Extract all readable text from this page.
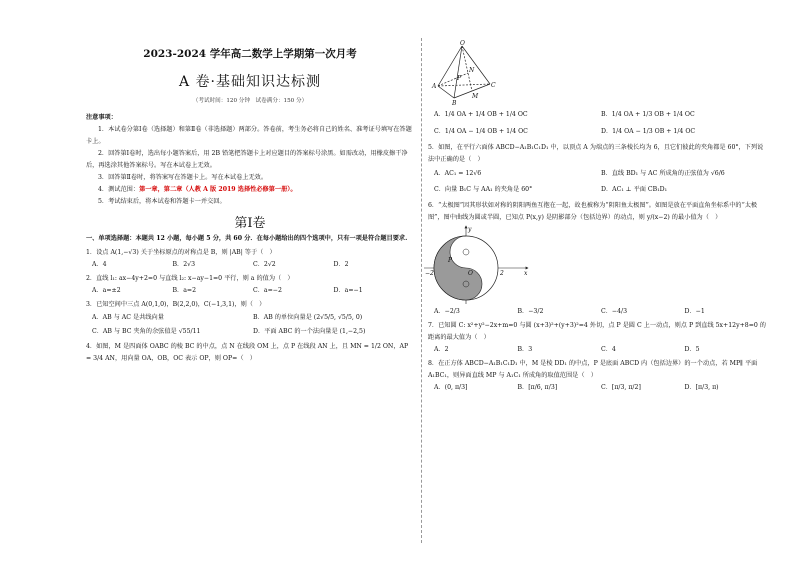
2023-2024 学年高二数学上学期第一次月考
A 卷·基础知识达标测
（考试时间：120 分钟　试卷满分：150 分）
注意事项：

1．本试卷分第Ⅰ卷（选择题）和第Ⅱ卷（非选择题）两部分。答卷前，考生务必将自己的姓名、准考证号填写在答题卡上。

2．回答第Ⅰ卷时，选出每小题答案后，用 2B 铅笔把答题卡上对应题目的答案标号涂黑。如需改动，用橡皮擦干净后，再选涂其他答案标号。写在本试卷上无效。

3．回答第Ⅱ卷时，将答案写在答题卡上。写在本试卷上无效。

4．测试范围：第一章，第二章（人教 A 版 2019 选择性必修第一册）。

5．考试结束后，将本试卷和答题卡一并交回。

第Ⅰ卷

一、单项选择题：本题共 12 小题，每小题 5 分，共 60 分．在每小题给出的四个选项中，只有一项是符合题目要求.

1．设点 A(1,−√3) 关于坐标原点的对称点是 B，则 |AB| 等于（　）
A．4	B．2√3	C．2√2	D．2
2．直线 l₁: ax−4y+2=0 与直线 l₂: x−ay−1=0 平行，则 a 的值为（　）
A．a=±2	B．a=2	C．a=−2	D．a=−1
3．已知空间中三点 A(0,1,0)，B(2,2,0)，C(−1,3,1)，则（　）
A．AB 与 AC 是共线向量	B．AB 的单位向量是 (2√5/5, √5/5, 0)
C．AB 与 BC 夹角的余弦值是 √55/11	D．平面 ABC 的一个法向量是 (1,−2,5)
4．如图，M 是四面体 OABC 的棱 BC 的中点，点 N 在线段 OM 上，点 P 在线段 AN 上，且 MN = 1/2 ON，AP = 3/4 AN，用向量 OA，OB，OC 表示 OP，则 OP=（　）
O
A
B
C
M
N
P
A．1/4 OA + 1/4 OB + 1/4 OC	B．1/4 OA + 1/3 OB + 1/4 OC
C．1/4 OA − 1/4 OB + 1/4 OC	D．1/4 OA − 1/3 OB + 1/4 OC
5．如图，在平行六面体 ABCD−A₁B₁C₁D₁ 中，以顶点 A 为端点的三条棱长均为 6，且它们彼此的夹角都是 60°，下列说法中正确的是（　）
A．AC₁ = 12√6	B．直线 BD₁ 与 AC 所成角的正弦值为 √6/6
C．向量 B₁C 与 AA₁ 的夹角是 60°	D．AC₁ ⊥ 平面 CB₁D₁
6．“太极图”因其形状如对称的阴阳两鱼互抱在一起，故也被称为“阴阳鱼太极图”。如图是放在平面直角坐标系中的“太极图”，图中曲线为圆或半圆，已知点 P(x,y) 是阴影部分（包括边界）的动点，则 y/(x−2) 的最小值为（　）
y
x
O
P
−2	2
A．−2/3	B．−3/2	C．−4/3	D．−1
7．已知圆 C: x²+y²−2x+m=0 与圆 (x+3)²+(y+3)²=4 外切，点 P 是圆 C 上一动点，则点 P 到直线 5x+12y+8=0 的距离的最大值为（　）
A．2	B．3	C．4	D．5
8．在正方体 ABCD−A₁B₁C₁D₁ 中，M 是棱 DD₁ 的中点，P 是底面 ABCD 内（包括边界）的一个动点，若 MP∥ 平面 A₁BC₁，则异面直线 MP 与 A₁C₁ 所成角的取值范围是（　）
A．(0, π/3]	B．[π/6, π/3]	C．[π/3, π/2]	D．[π/3, π)
